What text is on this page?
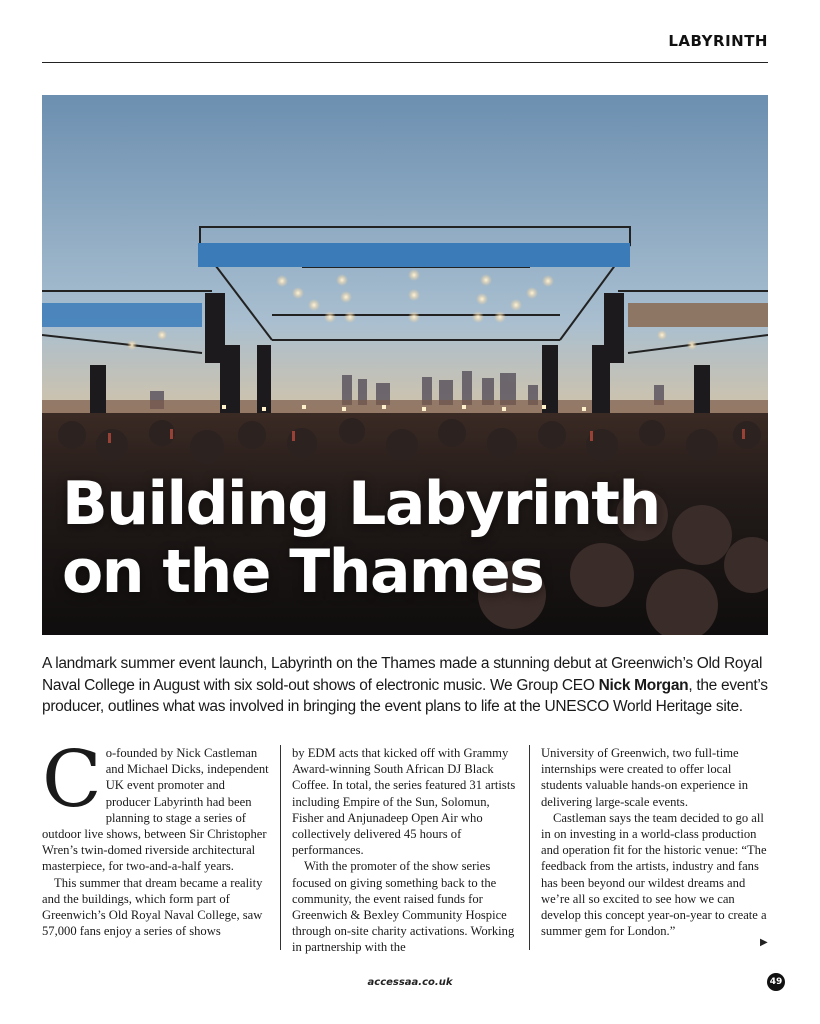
LABYRINTH
Building Labyrinth
on the Thames

A landmark summer event launch, Labyrinth on the Thames made a stunning debut at Greenwich’s Old Royal Naval College in August with six sold-out shows of electronic music. We Group CEO Nick Morgan, the event’s producer, outlines what was involved in bringing the event plans to life at the UNESCO World Heritage site.

Co-founded by Nick Castleman and Michael Dicks, independent UK event promoter and producer Labyrinth had been planning to stage a series of outdoor live shows, between Sir Christopher Wren’s twin-domed riverside architectural masterpiece, for two-and-a-half years.

This summer that dream became a reality and the buildings, which form part of Greenwich’s Old Royal Naval College, saw 57,000 fans enjoy a series of shows

by EDM acts that kicked off with Grammy Award-winning South African DJ Black Coffee. In total, the series featured 31 artists including Empire of the Sun, Solomun, Fisher and Anjunadeep Open Air who collectively delivered 45 hours of performances.

With the promoter of the show series focused on giving something back to the community, the event raised funds for Greenwich & Bexley Community Hospice through on-site charity activations. Working in partnership with the

University of Greenwich, two full-time internships were created to offer local students valuable hands-on experience in delivering large-scale events.

Castleman says the team decided to go all in on investing in a world-class production and operation fit for the historic venue: “The feedback from the artists, industry and fans has been beyond our wildest dreams and we’re all so excited to see how we can develop this concept year-on-year to create a summer gem for London.”

▶
accessaa.co.uk	49
